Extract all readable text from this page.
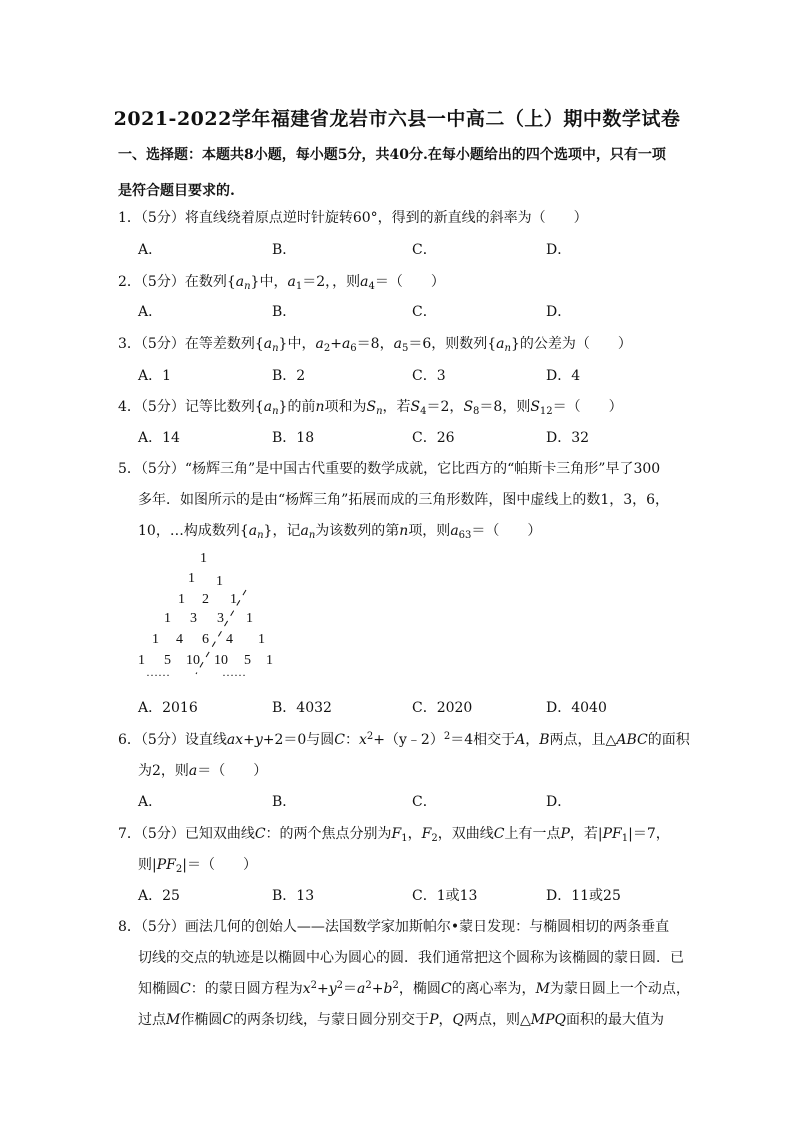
2021-2022学年福建省龙岩市六县一中高二（上）期中数学试卷
一、选择题：本题共8小题，每小题5分，共40分.在每小题给出的四个选项中，只有一项
是符合题目要求的.
1．（5分）将直线绕着原点逆时针旋转60°，得到的新直线的斜率为（　　）
A．	B．	C．	D．
2．（5分）在数列$\{a_n\}$中，$a_1=2$，，则$a_4=$（　　）
A．	B．	C．	D．
3．（5分）在等差数列$\{a_n\}$中，$a_2+a_6=8$，$a_5=6$，则数列$\{a_n\}$的公差为（　　）
A．1	B．2	C．3	D．4
4．（5分）记等比数列$\{a_n\}$的前n项和为$S_n$，若$S_4=2$，$S_8=8$，则$S_{12}=$（　　）
A．14	B．18	C．26	D．32
5．（5分）“杨辉三角”是中国古代重要的数学成就，它比西方的“帕斯卡三角形”早了300
多年．如图所示的是由“杨辉三角”拓展而成的三角形数阵，图中虚线上的数1，3，6，
10，…构成数列$\{a_n\}$，记$a_n$为该数列的第n项，则$a_{63}=$（　　）
1
1 1
1 2 1
1 3 3 1
1 4 6 4 1
1 5 10 10 5 1
……	……
A．2016	B．4032	C．2020	D．4040
6．（5分）设直线ax+y+2＝0与圆C：$x^2+(y﹣2)^2=4$相交于A，B两点，且△ABC的面积
为2，则a＝（　　）
A．	B．	C．	D．
7．（5分）已知双曲线C：的两个焦点分别为$F_1$，$F_2$，双曲线C上有一点P，若$|PF_1|=7$，
则$|PF_2|=$（　　）
A．25	B．13	C．1或13	D．11或25
8．（5分）画法几何的创始人——法国数学家加斯帕尔•蒙日发现：与椭圆相切的两条垂直
切线的交点的轨迹是以椭圆中心为圆心的圆．我们通常把这个圆称为该椭圆的蒙日圆．已
知椭圆C：的蒙日圆方程为$x^2+y^2=a^2+b^2$，椭圆C的离心率为，M为蒙日圆上一个动点，
过点M作椭圆C的两条切线，与蒙日圆分别交于P，Q两点，则△MPQ面积的最大值为
